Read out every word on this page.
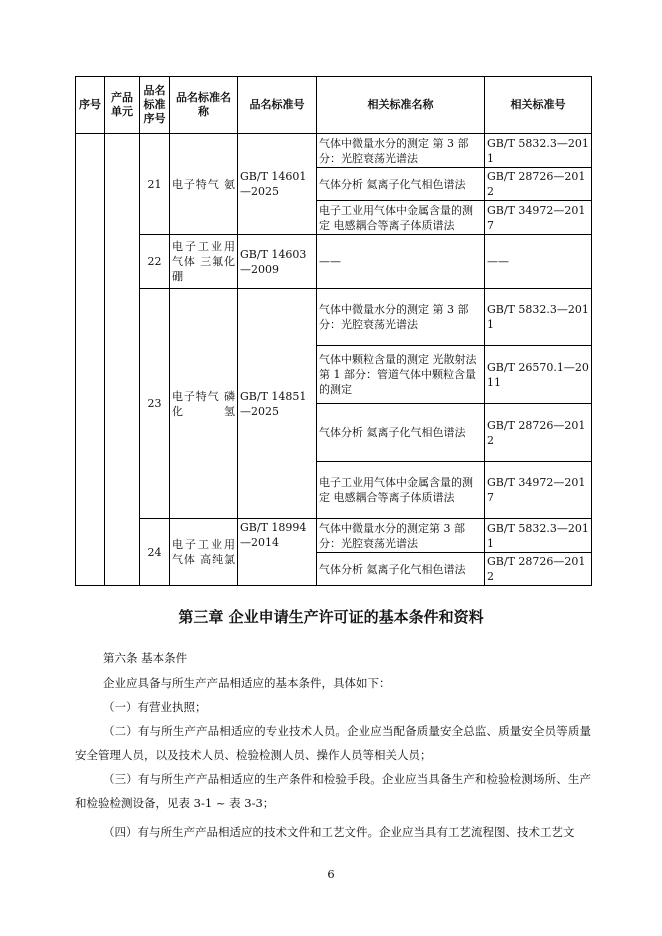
序号	产品单元	品名标准序号	品名标准名称	品名标准号	相关标准名称	相关标准号
		21	电子特气 氨	GB/T 14601—2025	气体中微量水分的测定 第 3 部分：光腔衰荡光谱法	GB/T 5832.3—2011
					气体分析 氦离子化气相色谱法	GB/T 28726—2012
					电子工业用气体中金属含量的测定 电感耦合等离子体质谱法	GB/T 34972—2017
		22	电子工业用气体 三氟化硼	GB/T 14603—2009	——	——
		23	电子特气 磷化氢	GB/T 14851—2025	气体中微量水分的测定 第 3 部分：光腔衰荡光谱法	GB/T 5832.3—2011
					气体中颗粒含量的测定 光散射法 第 1 部分：管道气体中颗粒含量的测定	GB/T 26570.1—2011
					气体分析 氦离子化气相色谱法	GB/T 28726—2012
					电子工业用气体中金属含量的测定 电感耦合等离子体质谱法	GB/T 34972—2017
		24	电子工业用气体 高纯氯	GB/T 18994—2014	气体中微量水分的测定第 3 部分：光腔衰荡光谱法	GB/T 5832.3—2011
					气体分析 氦离子化气相色谱法	GB/T 28726—2012
第三章 企业申请生产许可证的基本条件和资料
第六条 基本条件
企业应具备与所生产产品相适应的基本条件，具体如下：
（一）有营业执照；
（二）有与所生产产品相适应的专业技术人员。企业应当配备质量安全总监、质量安全员等质量安全管理人员，以及技术人员、检验检测人员、操作人员等相关人员；
（三）有与所生产产品相适应的生产条件和检验手段。企业应当具备生产和检验检测场所、生产和检验检测设备，见表 3-1 ~ 表 3-3；
（四）有与所生产产品相适应的技术文件和工艺文件。企业应当具有工艺流程图、技术工艺文
6
